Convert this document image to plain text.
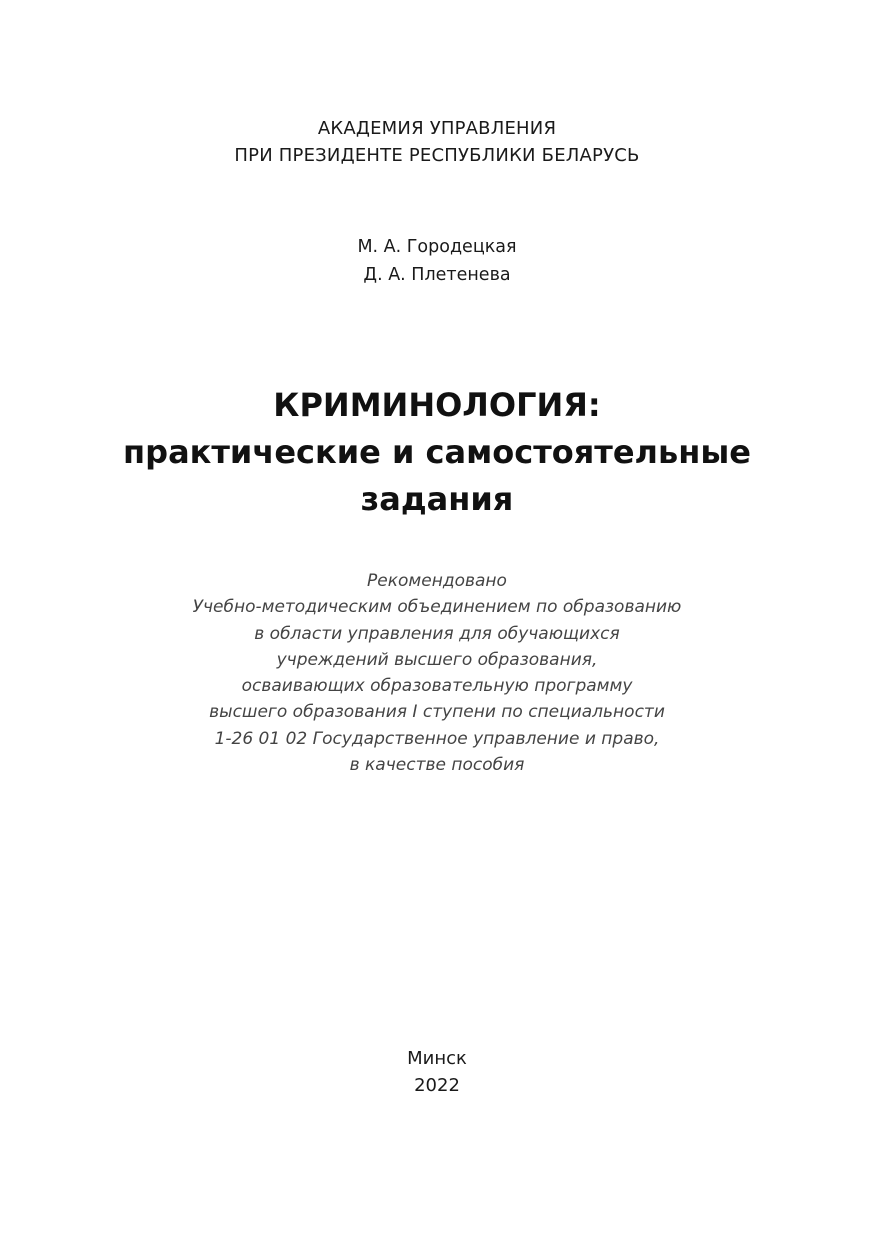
АКАДЕМИЯ УПРАВЛЕНИЯ
ПРИ ПРЕЗИДЕНТЕ РЕСПУБЛИКИ БЕЛАРУСЬ
М. А. Городецкая
Д. А. Плетенева
КРИМИНОЛОГИЯ:
практические и самостоятельные
задания
Рекомендовано
Учебно-методическим объединением по образованию
в области управления для обучающихся
учреждений высшего образования,
осваивающих образовательную программу
высшего образования I ступени по специальности
1-26 01 02 Государственное управление и право,
в качестве пособия
Минск
2022
